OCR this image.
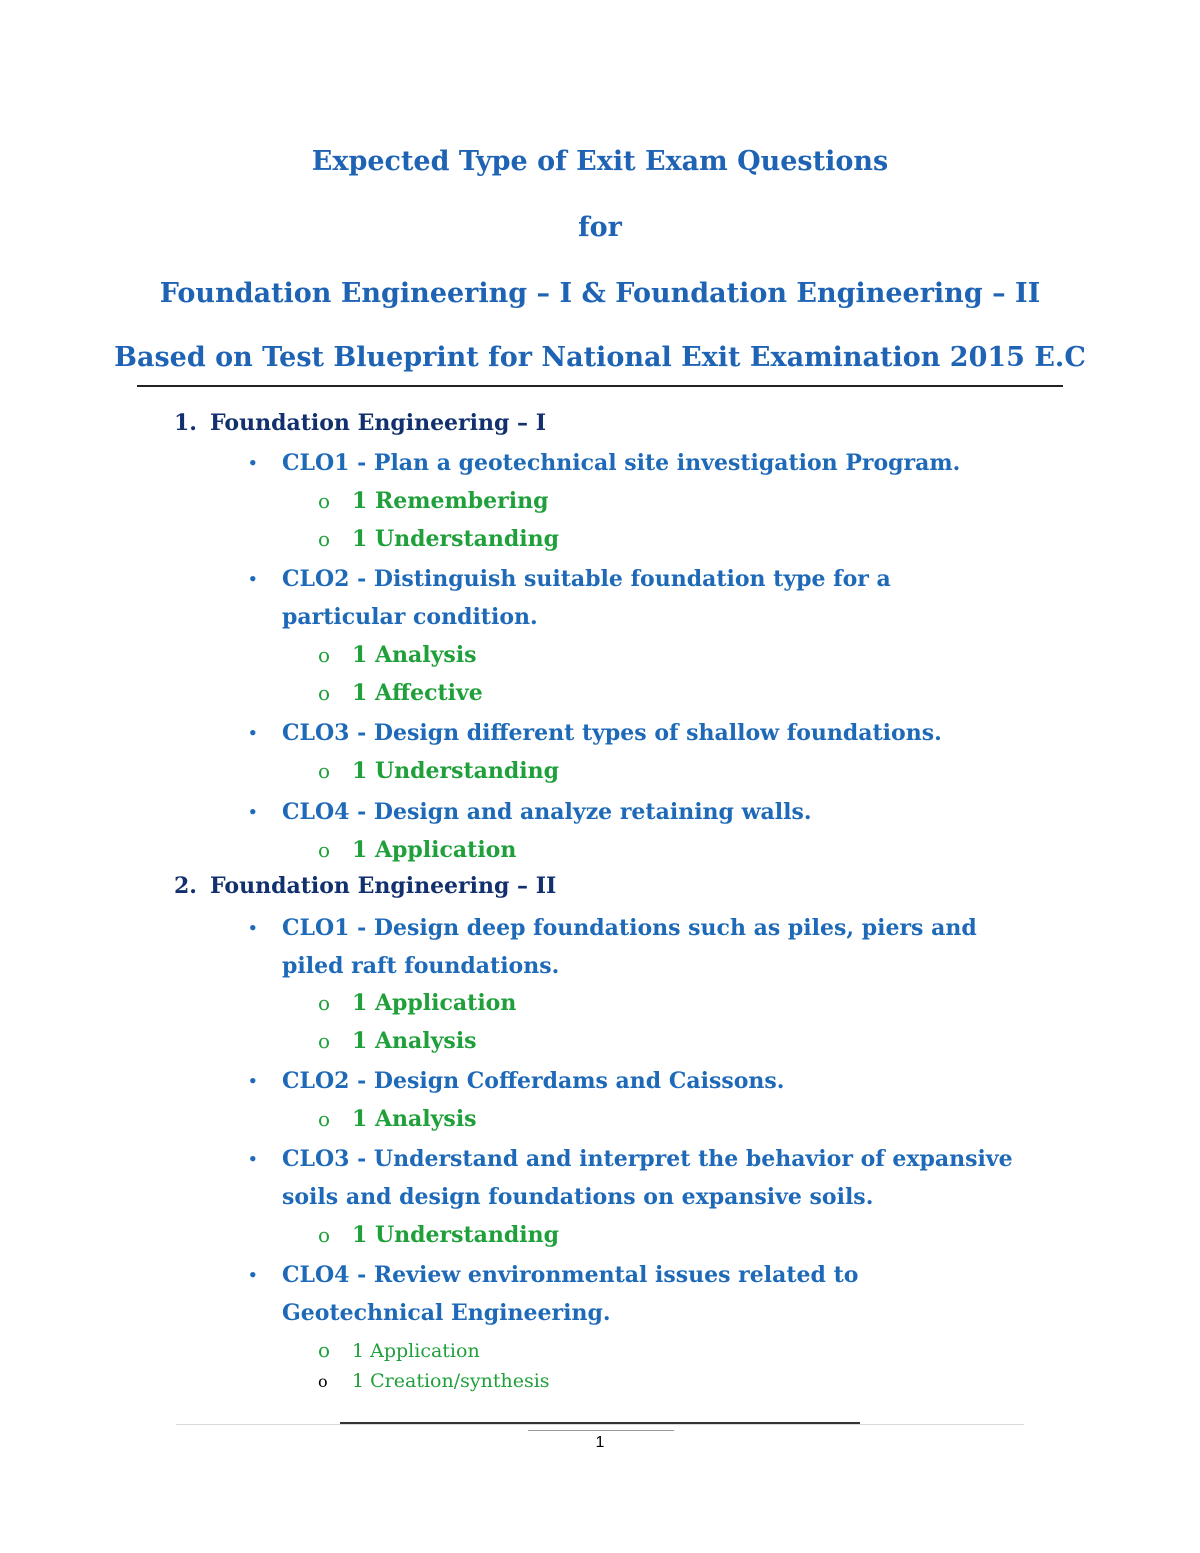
Expected Type of Exit Exam Questions
for
Foundation Engineering – I & Foundation Engineering – II
Based on Test Blueprint for National Exit Examination 2015 E.C
1. Foundation Engineering – I
•	CLO1 - Plan a geotechnical site investigation Program.
o 1 Remembering
o 1 Understanding
•	CLO2 - Distinguish suitable foundation type for a particular condition.
o 1 Analysis
o 1 Affective
•	CLO3 - Design different types of shallow foundations.
o 1 Understanding
•	CLO4 - Design and analyze retaining walls.
o 1 Application
2. Foundation Engineering – II
•	CLO1 - Design deep foundations such as piles, piers and piled raft foundations.
o 1 Application
o 1 Analysis
•	CLO2 - Design Cofferdams and Caissons.
o 1 Analysis
•	CLO3 - Understand and interpret the behavior of expansive soils and design foundations on expansive soils.
o 1 Understanding
•	CLO4 - Review environmental issues related to Geotechnical Engineering.
o 1 Application
o 1 Creation/synthesis
1
